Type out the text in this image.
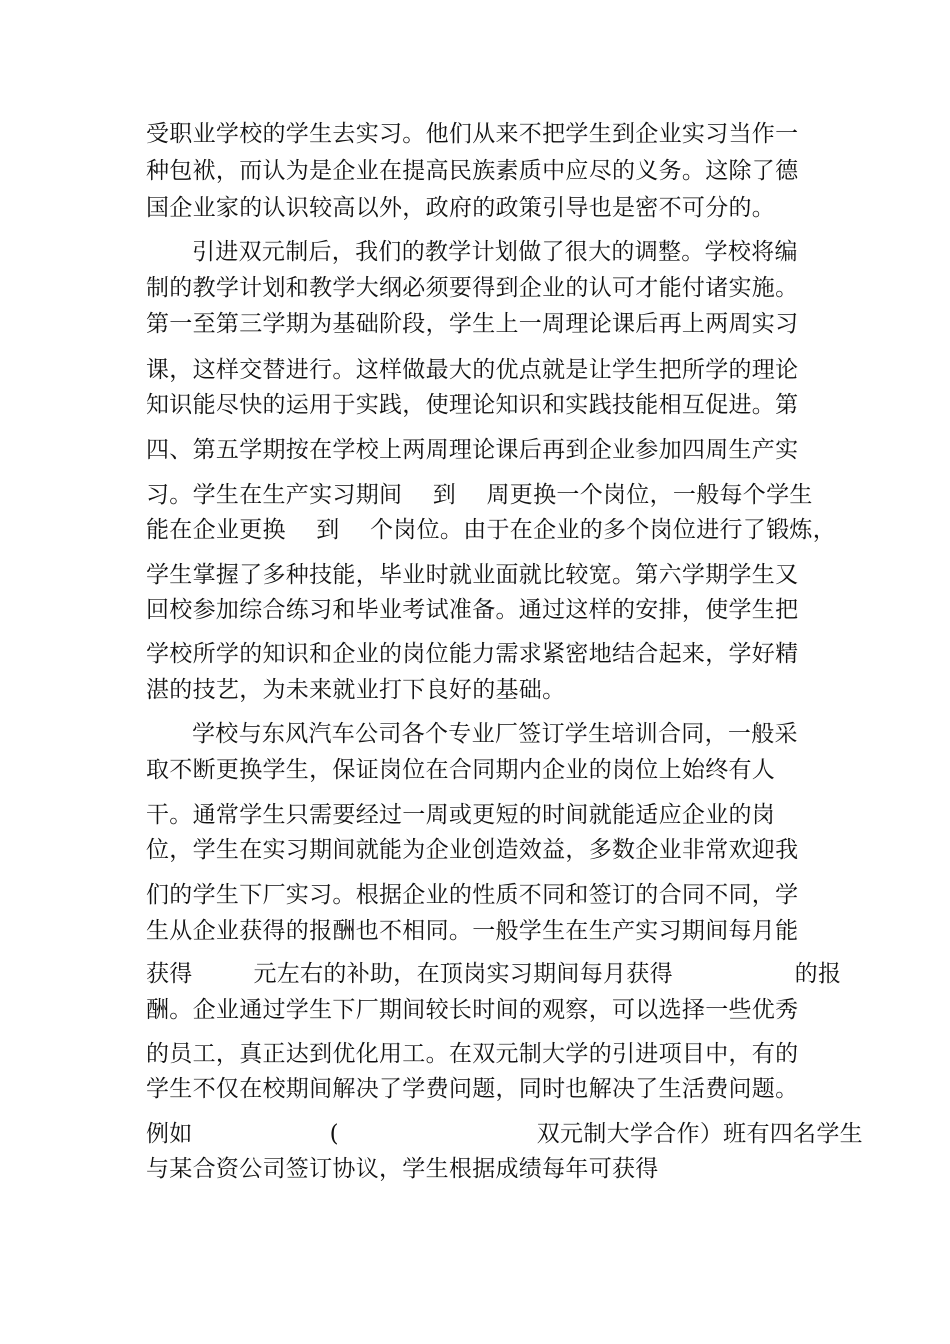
受职业学校的学生去实习。他们从来不把学生到企业实习当作一
种包袱，而认为是企业在提高民族素质中应尽的义务。这除了德
国企业家的认识较高以外，政府的政策引导也是密不可分的。
引进双元制后，我们的教学计划做了很大的调整。学校将编
制的教学计划和教学大纲必须要得到企业的认可才能付诸实施。
第一至第三学期为基础阶段，学生上一周理论课后再上两周实习
课，这样交替进行。这样做最大的优点就是让学生把所学的理论
知识能尽快的运用于实践，使理论知识和实践技能相互促进。第
四、第五学期按在学校上两周理论课后再到企业参加四周生产实
习。学生在生产实习期间    到    周更换一个岗位，一般每个学生
能在企业更换    到    个岗位。由于在企业的多个岗位进行了锻炼，
学生掌握了多种技能，毕业时就业面就比较宽。第六学期学生又
回校参加综合练习和毕业考试准备。通过这样的安排，使学生把
学校所学的知识和企业的岗位能力需求紧密地结合起来，学好精
湛的技艺，为未来就业打下良好的基础。
学校与东风汽车公司各个专业厂签订学生培训合同，一般采
取不断更换学生，保证岗位在合同期内企业的岗位上始终有人
干。通常学生只需要经过一周或更短的时间就能适应企业的岗
位，学生在实习期间就能为企业创造效益，多数企业非常欢迎我
们的学生下厂实习。根据企业的性质不同和签订的合同不同，学
生从企业获得的报酬也不相同。一般学生在生产实习期间每月能
获得        元左右的补助，在顶岗实习期间每月获得                的报
酬。企业通过学生下厂期间较长时间的观察，可以选择一些优秀
的员工，真正达到优化用工。在双元制大学的引进项目中，有的
学生不仅在校期间解决了学费问题，同时也解决了生活费问题。
例如                  (                          双元制大学合作）班有四名学生
与某合资公司签订协议，学生根据成绩每年可获得
